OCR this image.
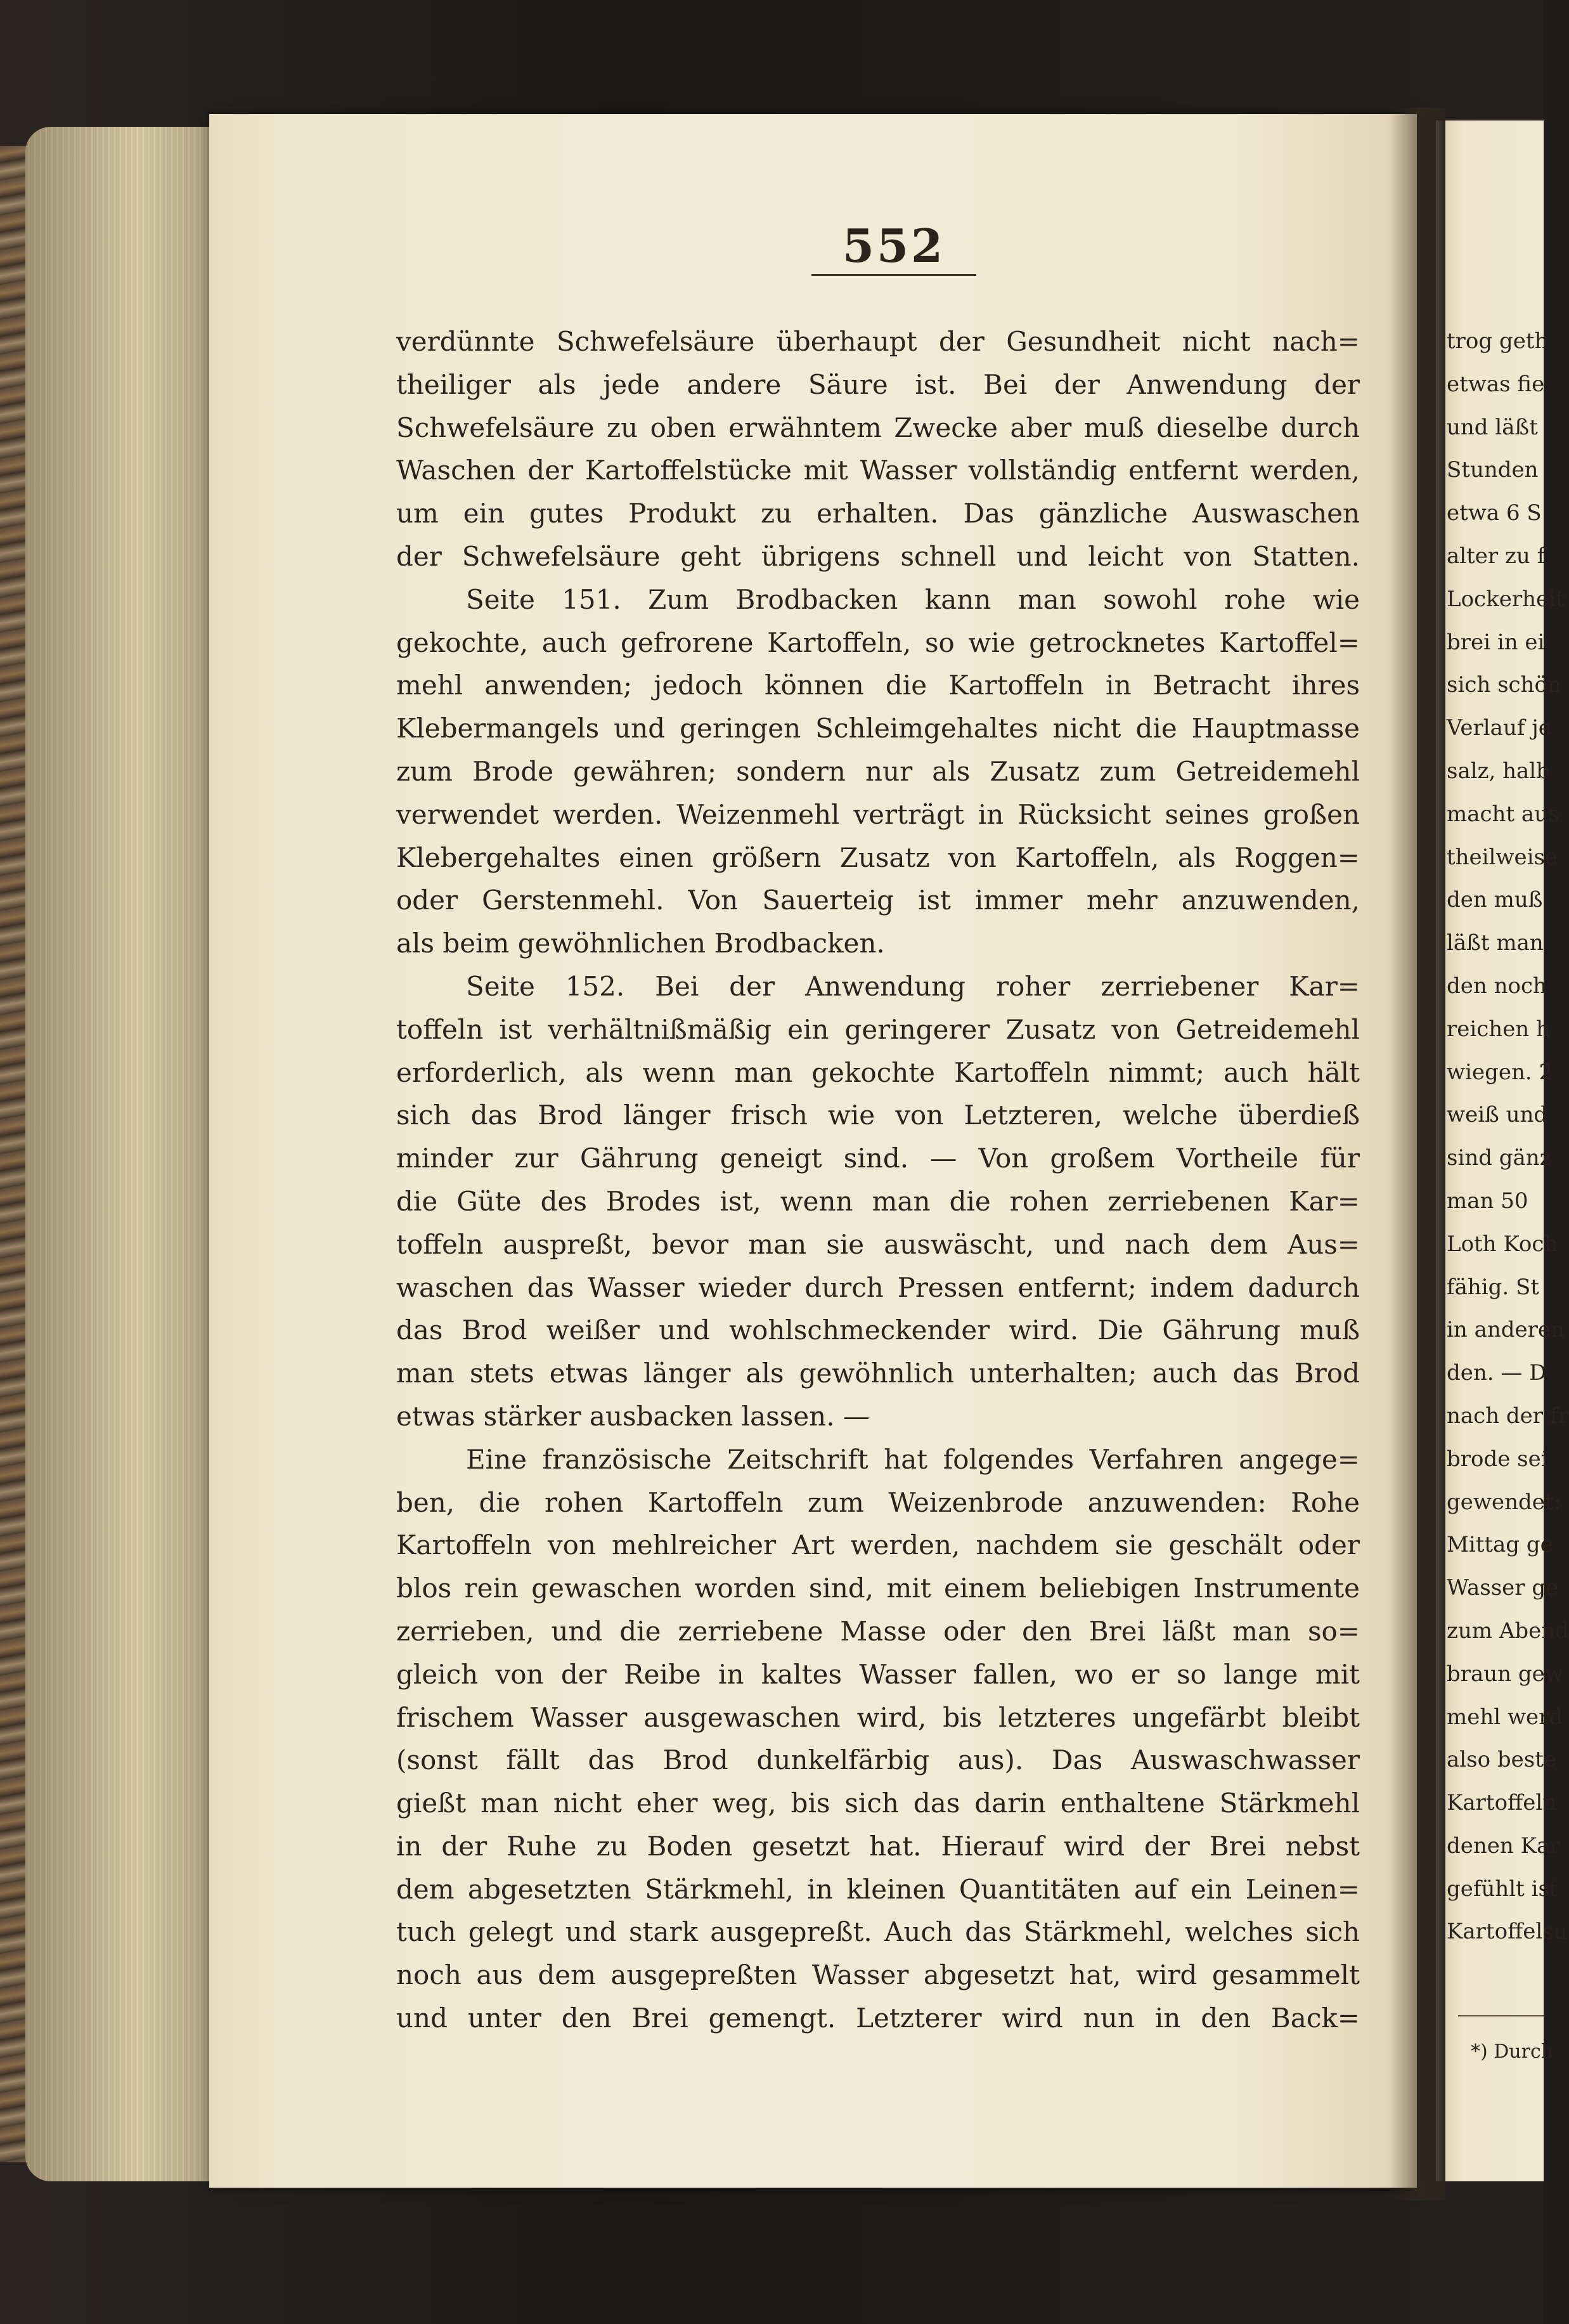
552
verdünnte Schwefelsäure überhaupt der Gesundheit nicht nach=
theiliger als jede andere Säure ist. Bei der Anwendung der
Schwefelsäure zu oben erwähntem Zwecke aber muß dieselbe durch
Waschen der Kartoffelstücke mit Wasser vollständig entfernt werden,
um ein gutes Produkt zu erhalten. Das gänzliche Auswaschen
der Schwefelsäure geht übrigens schnell und leicht von Statten.
Seite 151. Zum Brodbacken kann man sowohl rohe wie
gekochte, auch gefrorene Kartoffeln, so wie getrocknetes Kartoffel=
mehl anwenden; jedoch können die Kartoffeln in Betracht ihres
Klebermangels und geringen Schleimgehaltes nicht die Hauptmasse
zum Brode gewähren; sondern nur als Zusatz zum Getreidemehl
verwendet werden. Weizenmehl verträgt in Rücksicht seines großen
Klebergehaltes einen größern Zusatz von Kartoffeln, als Roggen=
oder Gerstenmehl. Von Sauerteig ist immer mehr anzuwenden,
als beim gewöhnlichen Brodbacken.
Seite 152. Bei der Anwendung roher zerriebener Kar=
toffeln ist verhältnißmäßig ein geringerer Zusatz von Getreidemehl
erforderlich, als wenn man gekochte Kartoffeln nimmt; auch hält
sich das Brod länger frisch wie von Letzteren, welche überdieß
minder zur Gährung geneigt sind. — Von großem Vortheile für
die Güte des Brodes ist, wenn man die rohen zerriebenen Kar=
toffeln auspreßt, bevor man sie auswäscht, und nach dem Aus=
waschen das Wasser wieder durch Pressen entfernt; indem dadurch
das Brod weißer und wohlschmeckender wird. Die Gährung muß
man stets etwas länger als gewöhnlich unterhalten; auch das Brod
etwas stärker ausbacken lassen. —
Eine französische Zeitschrift hat folgendes Verfahren angege=
ben, die rohen Kartoffeln zum Weizenbrode anzuwenden: Rohe
Kartoffeln von mehlreicher Art werden, nachdem sie geschält oder
blos rein gewaschen worden sind, mit einem beliebigen Instrumente
zerrieben, und die zerriebene Masse oder den Brei läßt man so=
gleich von der Reibe in kaltes Wasser fallen, wo er so lange mit
frischem Wasser ausgewaschen wird, bis letzteres ungefärbt bleibt
(sonst fällt das Brod dunkelfärbig aus). Das Auswaschwasser
gießt man nicht eher weg, bis sich das darin enthaltene Stärkmehl
in der Ruhe zu Boden gesetzt hat. Hierauf wird der Brei nebst
dem abgesetzten Stärkmehl, in kleinen Quantitäten auf ein Leinen=
tuch gelegt und stark ausgepreßt. Auch das Stärkmehl, welches sich
noch aus dem ausgepreßten Wasser abgesetzt hat, wird gesammelt
und unter den Brei gemengt. Letzterer wird nun in den Back=
trog geth
etwas fie
und läßt
Stunden
etwa 6 S
alter zu f
Lockerheit
brei in ei
sich schön
Verlauf je
salz, halb
macht aus
theilweise
den muß
läßt man
den noch
reichen h
wiegen. 2
weiß und
sind gänz
man 50
Loth Koch
fähig. St
in anderen
den. — D
nach der fr
brode sei
gewendet:
Mittag ge
Wasser ge
zum Abend
braun gew
mehl werd
also beste
Kartoffeln
denen Kar
gefühlt ist
Kartoffelsu
*) Durch
